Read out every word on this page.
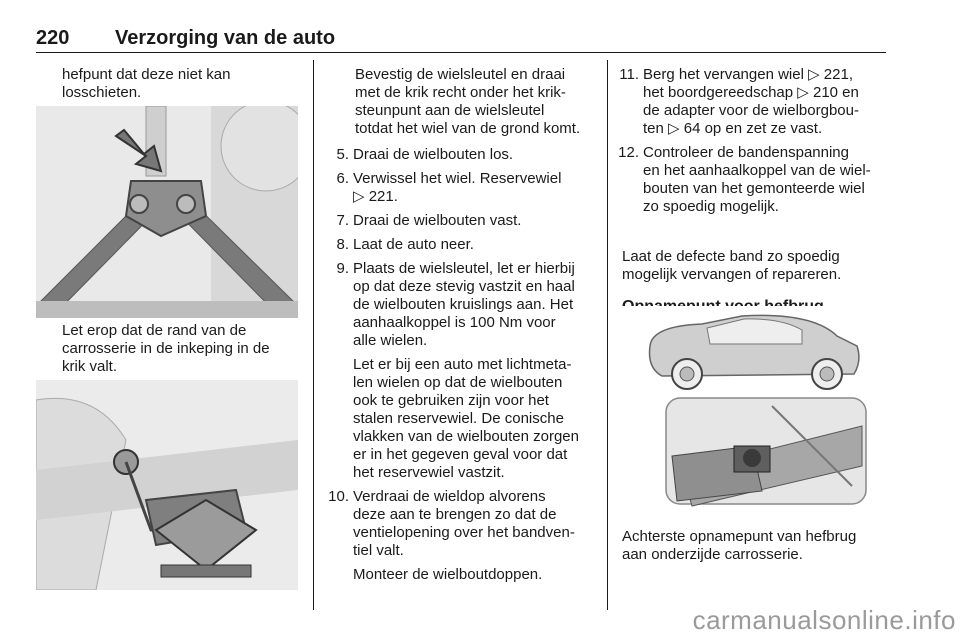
220 Verzorging van de auto
hefpunt dat deze niet kan
losschieten.
Let erop dat de rand van de
carrosserie in de inkeping in de
krik valt.
Bevestig de wielsleutel en draai
met de krik recht onder het krik-
steunpunt aan de wielsleutel
totdat het wiel van de grond komt.
5. Draai de wielbouten los.
6. Verwissel het wiel. Reservewiel
▷ 221.
7. Draai de wielbouten vast.
8. Laat de auto neer.
9. Plaats de wielsleutel, let er hierbij
op dat deze stevig vastzit en haal
de wielbouten kruislings aan. Het
aanhaalkoppel is 100 Nm voor
alle wielen.
Let er bij een auto met lichtmeta-
len wielen op dat de wielbouten
ook te gebruiken zijn voor het
stalen reservewiel. De conische
vlakken van de wielbouten zorgen
er in het gegeven geval voor dat
het reservewiel vastzit.
10. Verdraai de wieldop alvorens
deze aan te brengen zo dat de
ventielopening over het bandven-
tiel valt.
Monteer de wielboutdoppen.
11. Berg het vervangen wiel ▷ 221,
het boordgereedschap ▷ 210 en
de adapter voor de wielborgbou-
ten ▷ 64 op en zet ze vast.
12. Controleer de bandenspanning
en het aanhaalkoppel van de wiel-
bouten van het gemonteerde wiel
zo spoedig mogelijk.
Laat de defecte band zo spoedig
mogelijk vervangen of repareren.
Achterste opnamepunt van hefbrug
aan onderzijde carrosserie.
carmanualsonline.info
